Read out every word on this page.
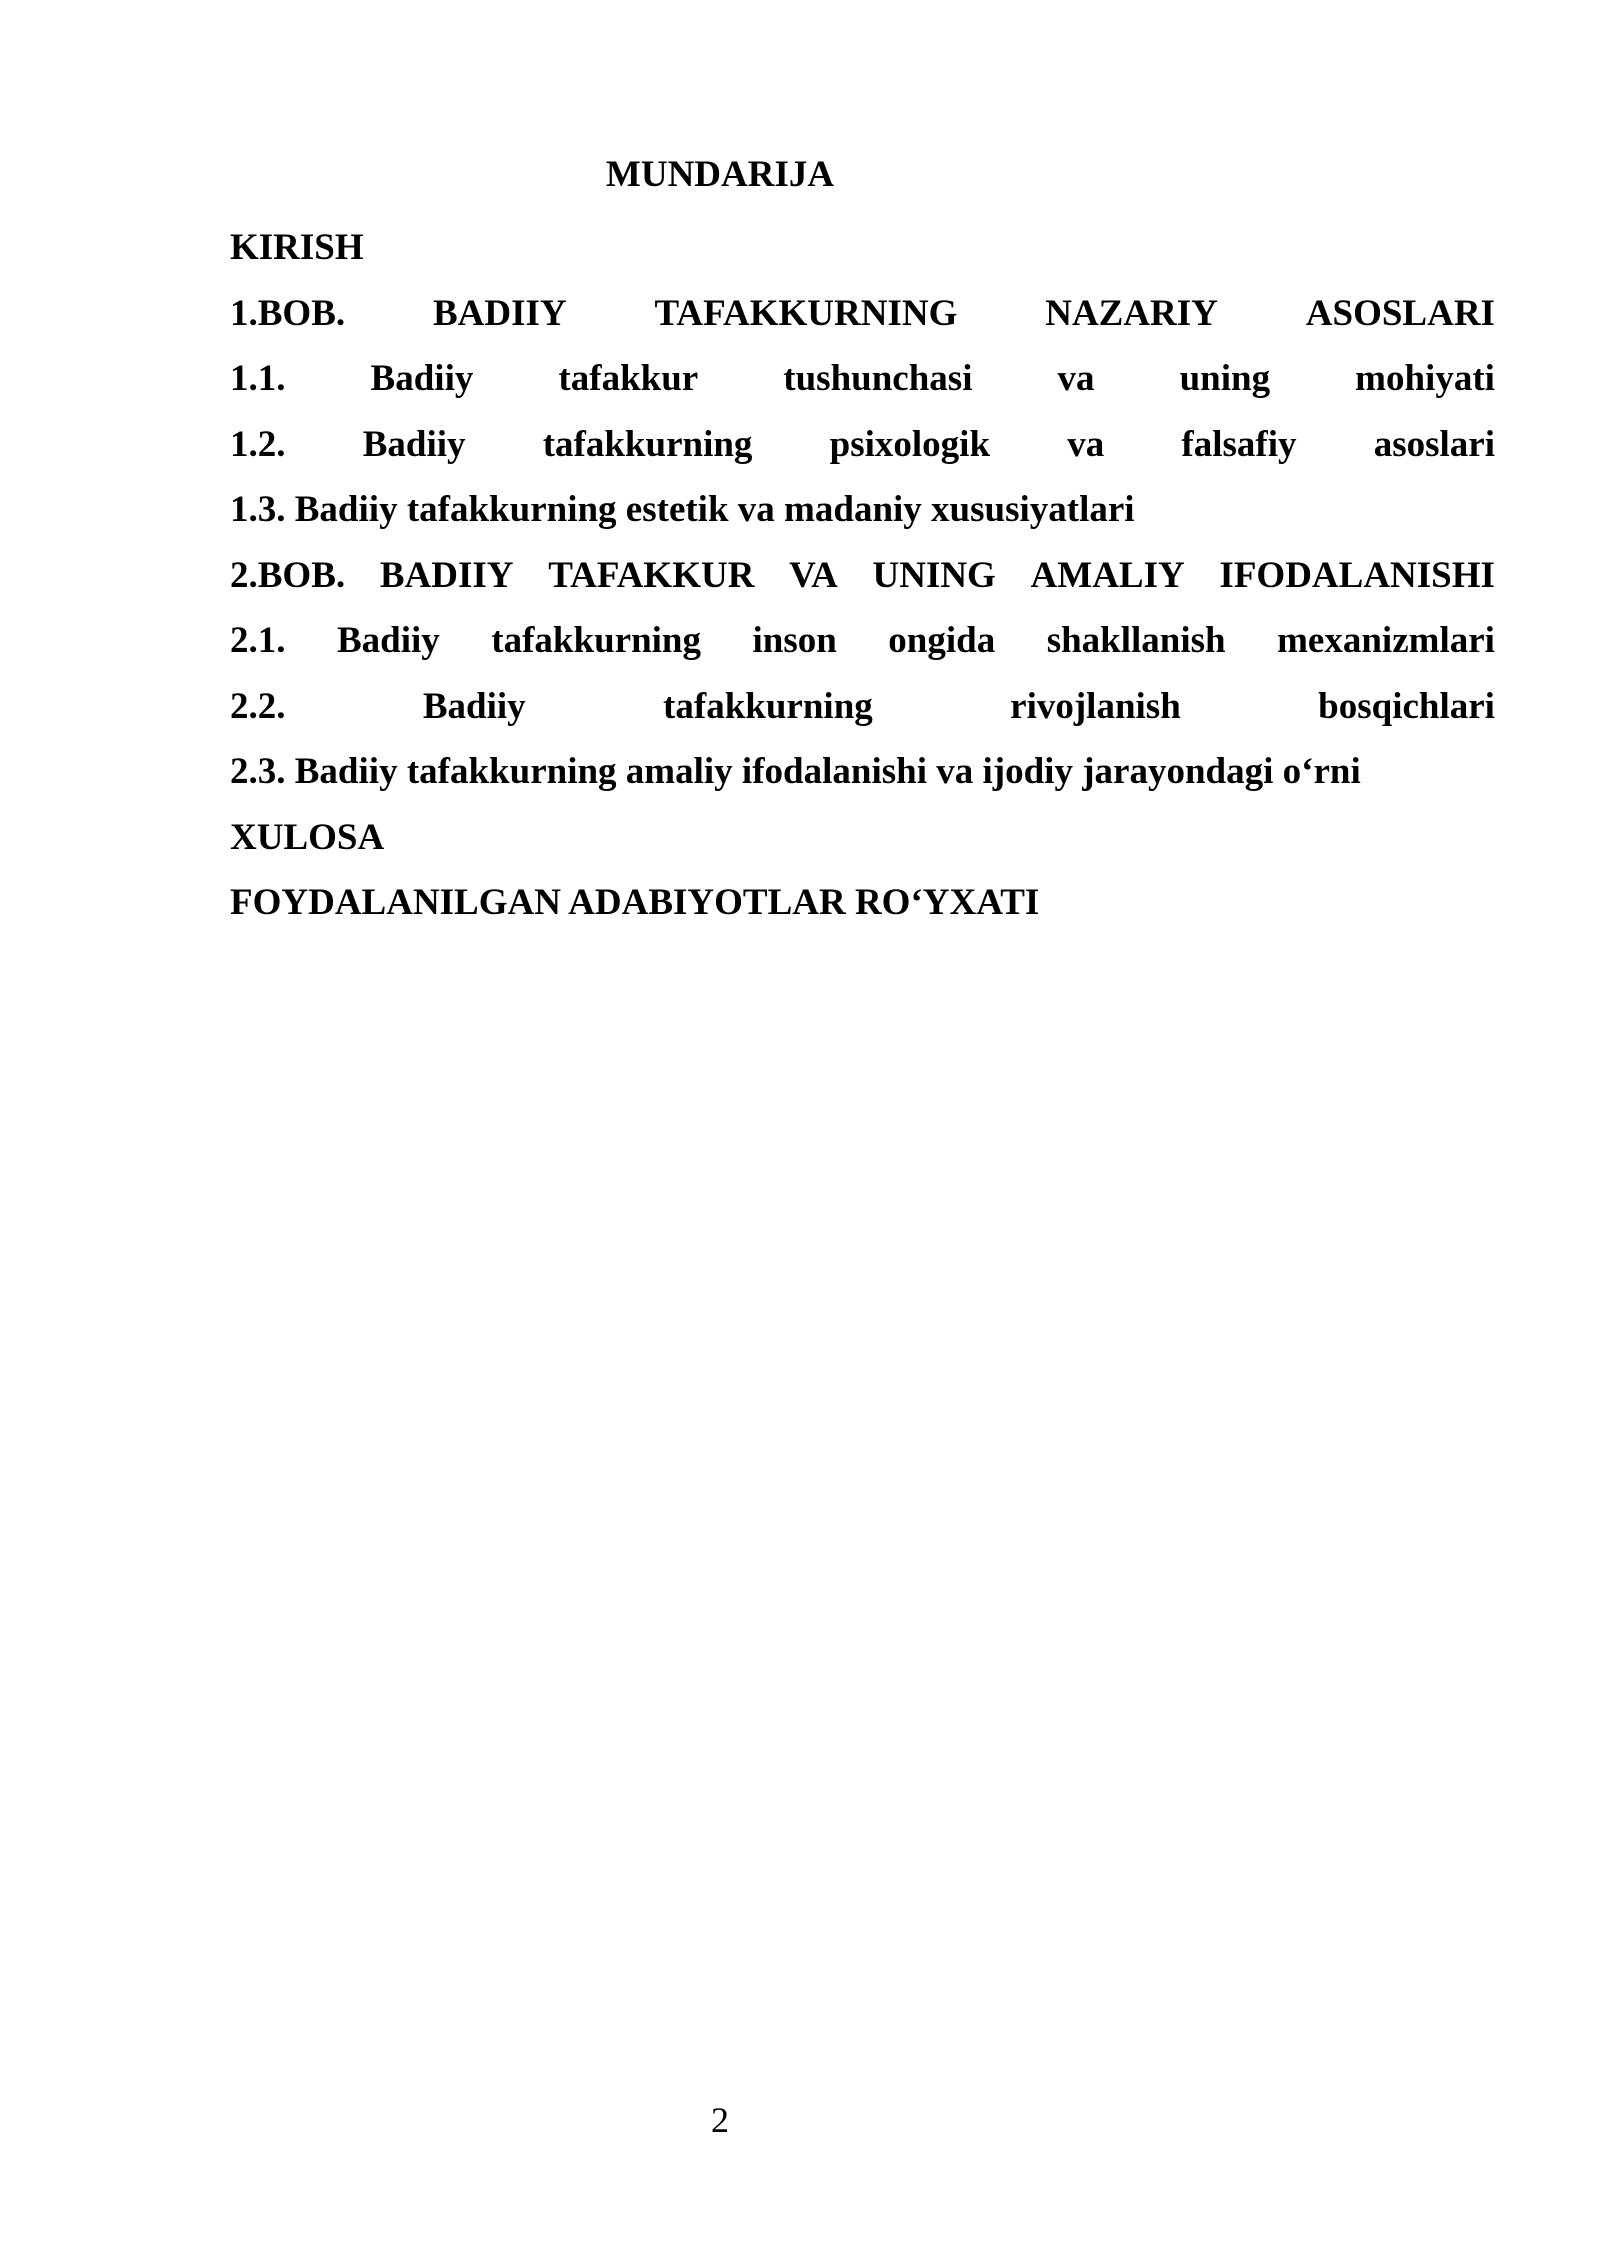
MUNDARIJA
KIRISH
1.BOB. BADIIY TAFAKKURNING NAZARIY ASOSLARI
1.1. Badiiy tafakkur tushunchasi va uning mohiyati
1.2. Badiiy tafakkurning psixologik va falsafiy asoslari
1.3. Badiiy tafakkurning estetik va madaniy xususiyatlari
2.BOB. BADIIY TAFAKKUR VA UNING AMALIY IFODALANISHI
2.1. Badiiy tafakkurning inson ongida shakllanish mexanizmlari
2.2.	Badiiy	tafakkurning	rivojlanish	bosqichlari
2.3. Badiiy tafakkurning amaliy ifodalanishi va ijodiy jarayondagi o‘rni
XULOSA
FOYDALANILGAN ADABIYOTLAR RO‘YXATI
2
